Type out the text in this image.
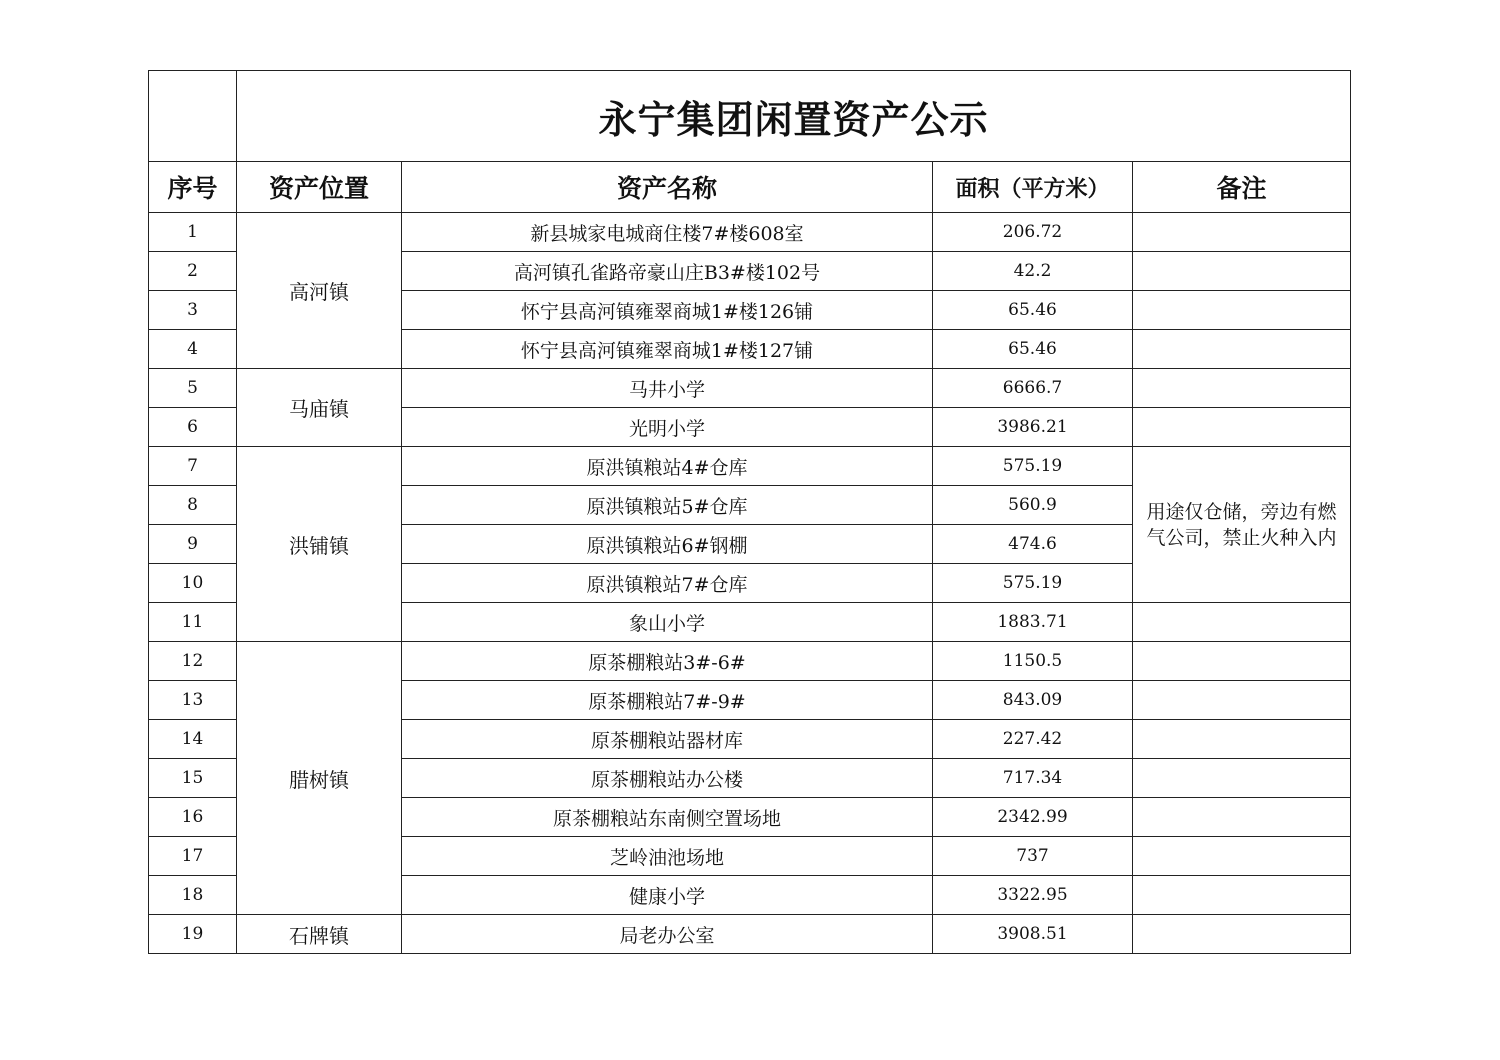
	永宁集团闲置资产公示			
序号	资产位置	资产名称	面积（平方米）	备注
1	高河镇	新县城家电城商住楼7#楼608室	206.72	
2		高河镇孔雀路帝豪山庄B3#楼102号	42.2	
3		怀宁县高河镇雍翠商城1#楼126铺	65.46	
4		怀宁县高河镇雍翠商城1#楼127铺	65.46	
5	马庙镇	马井小学	6666.7	
6		光明小学	3986.21	
7	洪铺镇	原洪镇粮站4#仓库	575.19	用途仅仓储，旁边有燃气公司，禁止火种入内
8		原洪镇粮站5#仓库	560.9	
9		原洪镇粮站6#钢棚	474.6	
10		原洪镇粮站7#仓库	575.19	
11		象山小学	1883.71	
12	腊树镇	原茶棚粮站3#-6#	1150.5	
13		原茶棚粮站7#-9#	843.09	
14		原茶棚粮站器材库	227.42	
15		原茶棚粮站办公楼	717.34	
16		原茶棚粮站东南侧空置场地	2342.99	
17		芝岭油池场地	737	
18		健康小学	3322.95	
19	石牌镇	局老办公室	3908.51	
